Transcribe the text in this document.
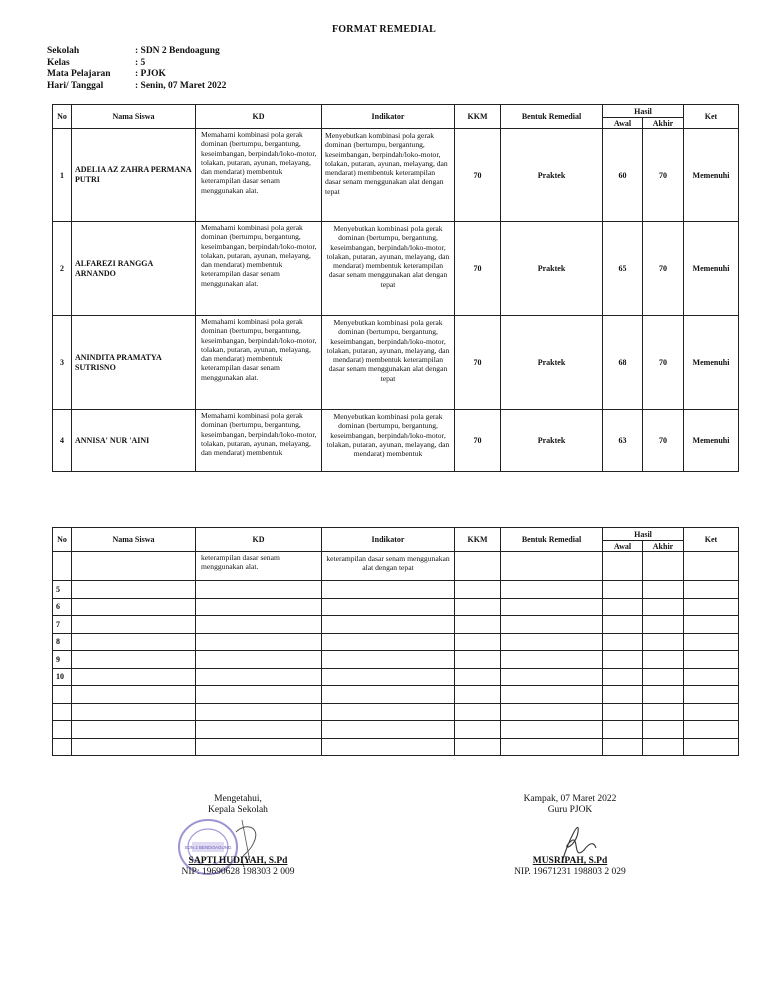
FORMAT REMEDIAL
Sekolah	: SDN 2 Bendoagung
Kelas	: 5
Mata Pelajaran	: PJOK
Hari/ Tanggal	: Senin, 07 Maret 2022
No	Nama Siswa	KD	Indikator	KKM	Bentuk Remedial	Hasil		Ket
						Awal	Akhir	
1	ADELIA AZ ZAHRA PERMANA PUTRI	Memahami kombinasi pola gerak dominan (bertumpu, bergantung, keseimbangan, berpindah/loko-motor, tolakan, putaran, ayunan, melayang, dan mendarat) membentuk keterampilan dasar senam menggunakan alat.	Menyebutkan kombinasi pola gerak dominan (bertumpu, bergantung, keseimbangan, berpindah/loko-motor, tolakan, putaran, ayunan, melayang, dan mendarat) membentuk keterampilan dasar senam menggunakan alat dengan tepat	70	Praktek	60	70	Memenuhi
2	ALFAREZI RANGGA ARNANDO	Memahami kombinasi pola gerak dominan (bertumpu, bergantung, keseimbangan, berpindah/loko-motor, tolakan, putaran, ayunan, melayang, dan mendarat) membentuk keterampilan dasar senam menggunakan alat.	Menyebutkan kombinasi pola gerak dominan (bertumpu, bergantung, keseimbangan, berpindah/loko-motor, tolakan, putaran, ayunan, melayang, dan mendarat) membentuk keterampilan dasar senam menggunakan alat dengan tepat	70	Praktek	65	70	Memenuhi
3	ANINDITA PRAMATYA SUTRISNO	Memahami kombinasi pola gerak dominan (bertumpu, bergantung, keseimbangan, berpindah/loko-motor, tolakan, putaran, ayunan, melayang, dan mendarat) membentuk keterampilan dasar senam menggunakan alat.	Menyebutkan kombinasi pola gerak dominan (bertumpu, bergantung, keseimbangan, berpindah/loko-motor, tolakan, putaran, ayunan, melayang, dan mendarat) membentuk keterampilan dasar senam menggunakan alat dengan tepat	70	Praktek	68	70	Memenuhi
4	ANNISA' NUR 'AINI	Memahami kombinasi pola gerak dominan (bertumpu, bergantung, keseimbangan, berpindah/loko-motor, tolakan, putaran, ayunan, melayang, dan mendarat) membentuk	Menyebutkan kombinasi pola gerak dominan (bertumpu, bergantung, keseimbangan, berpindah/loko-motor, tolakan, putaran, ayunan, melayang, dan mendarat) membentuk	70	Praktek	63	70	Memenuhi
No	Nama Siswa	KD	Indikator	KKM	Bentuk Remedial	Hasil		Ket
						Awal	Akhir	
		keterampilan dasar senam menggunakan alat.	keterampilan dasar senam menggunakan alat dengan tepat					
5								
6								
7								
8								
9								
10								

SDN 2 BENDOAGUNG
Mengetahui,
Kepala Sekolah
SAPTI HUDIYAH, S.Pd
NIP: 19690628 198303 2 009
Kampak, 07 Maret 2022
Guru PJOK
MUSRIPAH, S.Pd
NIP. 19671231 198803 2 029
